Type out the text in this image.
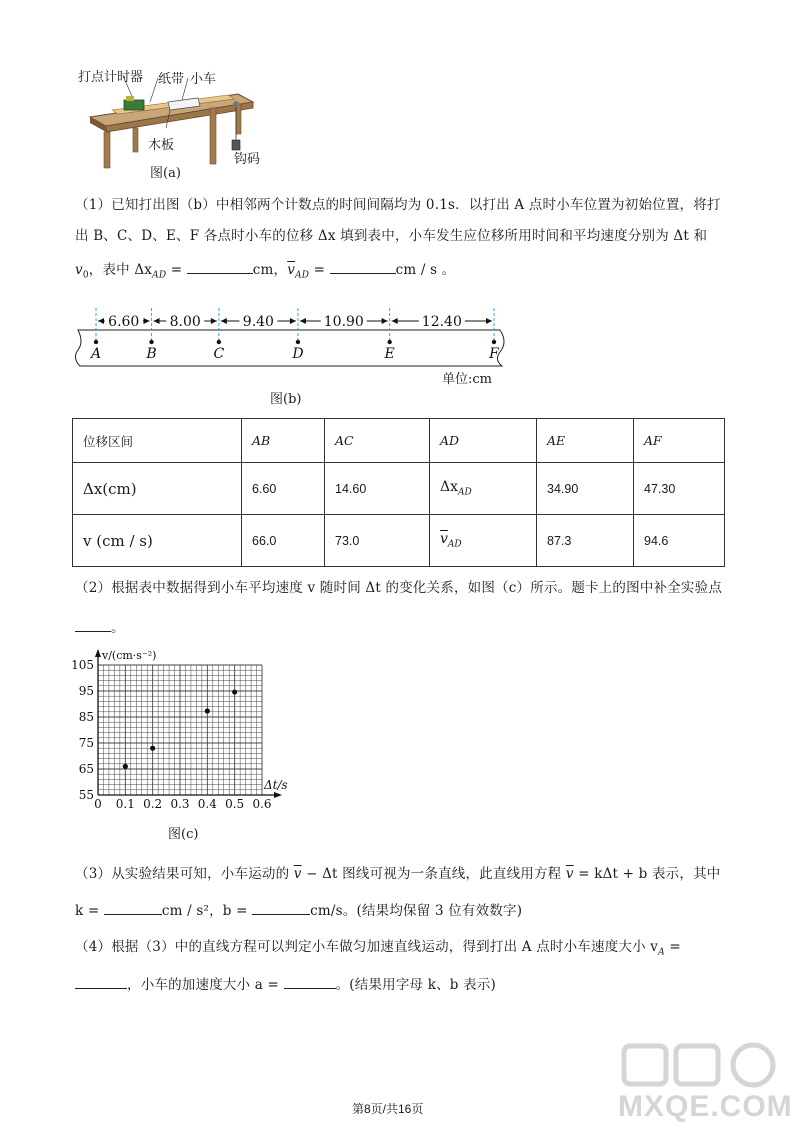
打点计时器 纸带 小车
木板
钩码
图(a)
（1）已知打出图（b）中相邻两个计数点的时间间隔均为 0.1s．以打出 A 点时小车位置为初始位置，将打
出 B、C、D、E、F 各点时小车的位移 Δx 填到表中，小车发生应位移所用时间和平均速度分别为 Δt 和
$v_0$，表中 $\Delta x_{AD}$ =	cm，$\overline{v}_{AD}$ =	cm / s 。
A	B	C	D	E	F
6.60 8.00	9.40	10.90	12.40
单位:cm
图(b)
位移区间	AB	AC	AD	AE	AF
Δx(cm)	6.60	14.60	$\Delta x_{AD}$	34.90	47.30
v (cm / s)	66.0	73.0	$\overline{v}_{AD}$	87.3	94.6
（2）根据表中数据得到小车平均速度 v 随时间 Δt 的变化关系，如图（c）所示。题卡上的图中补全实验点
。
0 0.1 0.2 0.3 0.4 0.5 0.6
55
65
75
85
95
105
v/(cm·s⁻²)
Δt/s
图(c)
（3）从实验结果可知，小车运动的 $\overline{v} - \Delta t$ 图线可视为一条直线，此直线用方程 $\overline{v} = k\Delta t + b$ 表示，其中
k =	cm / s²，b =	cm/s。(结果均保留 3 位有效数字)
（4）根据（3）中的直线方程可以判定小车做匀加速直线运动，得到打出 A 点时小车速度大小 $v_A$ =
，小车的加速度大小 a =	。(结果用字母 k、b 表示)
MXQE.COM
第8页/共16页
